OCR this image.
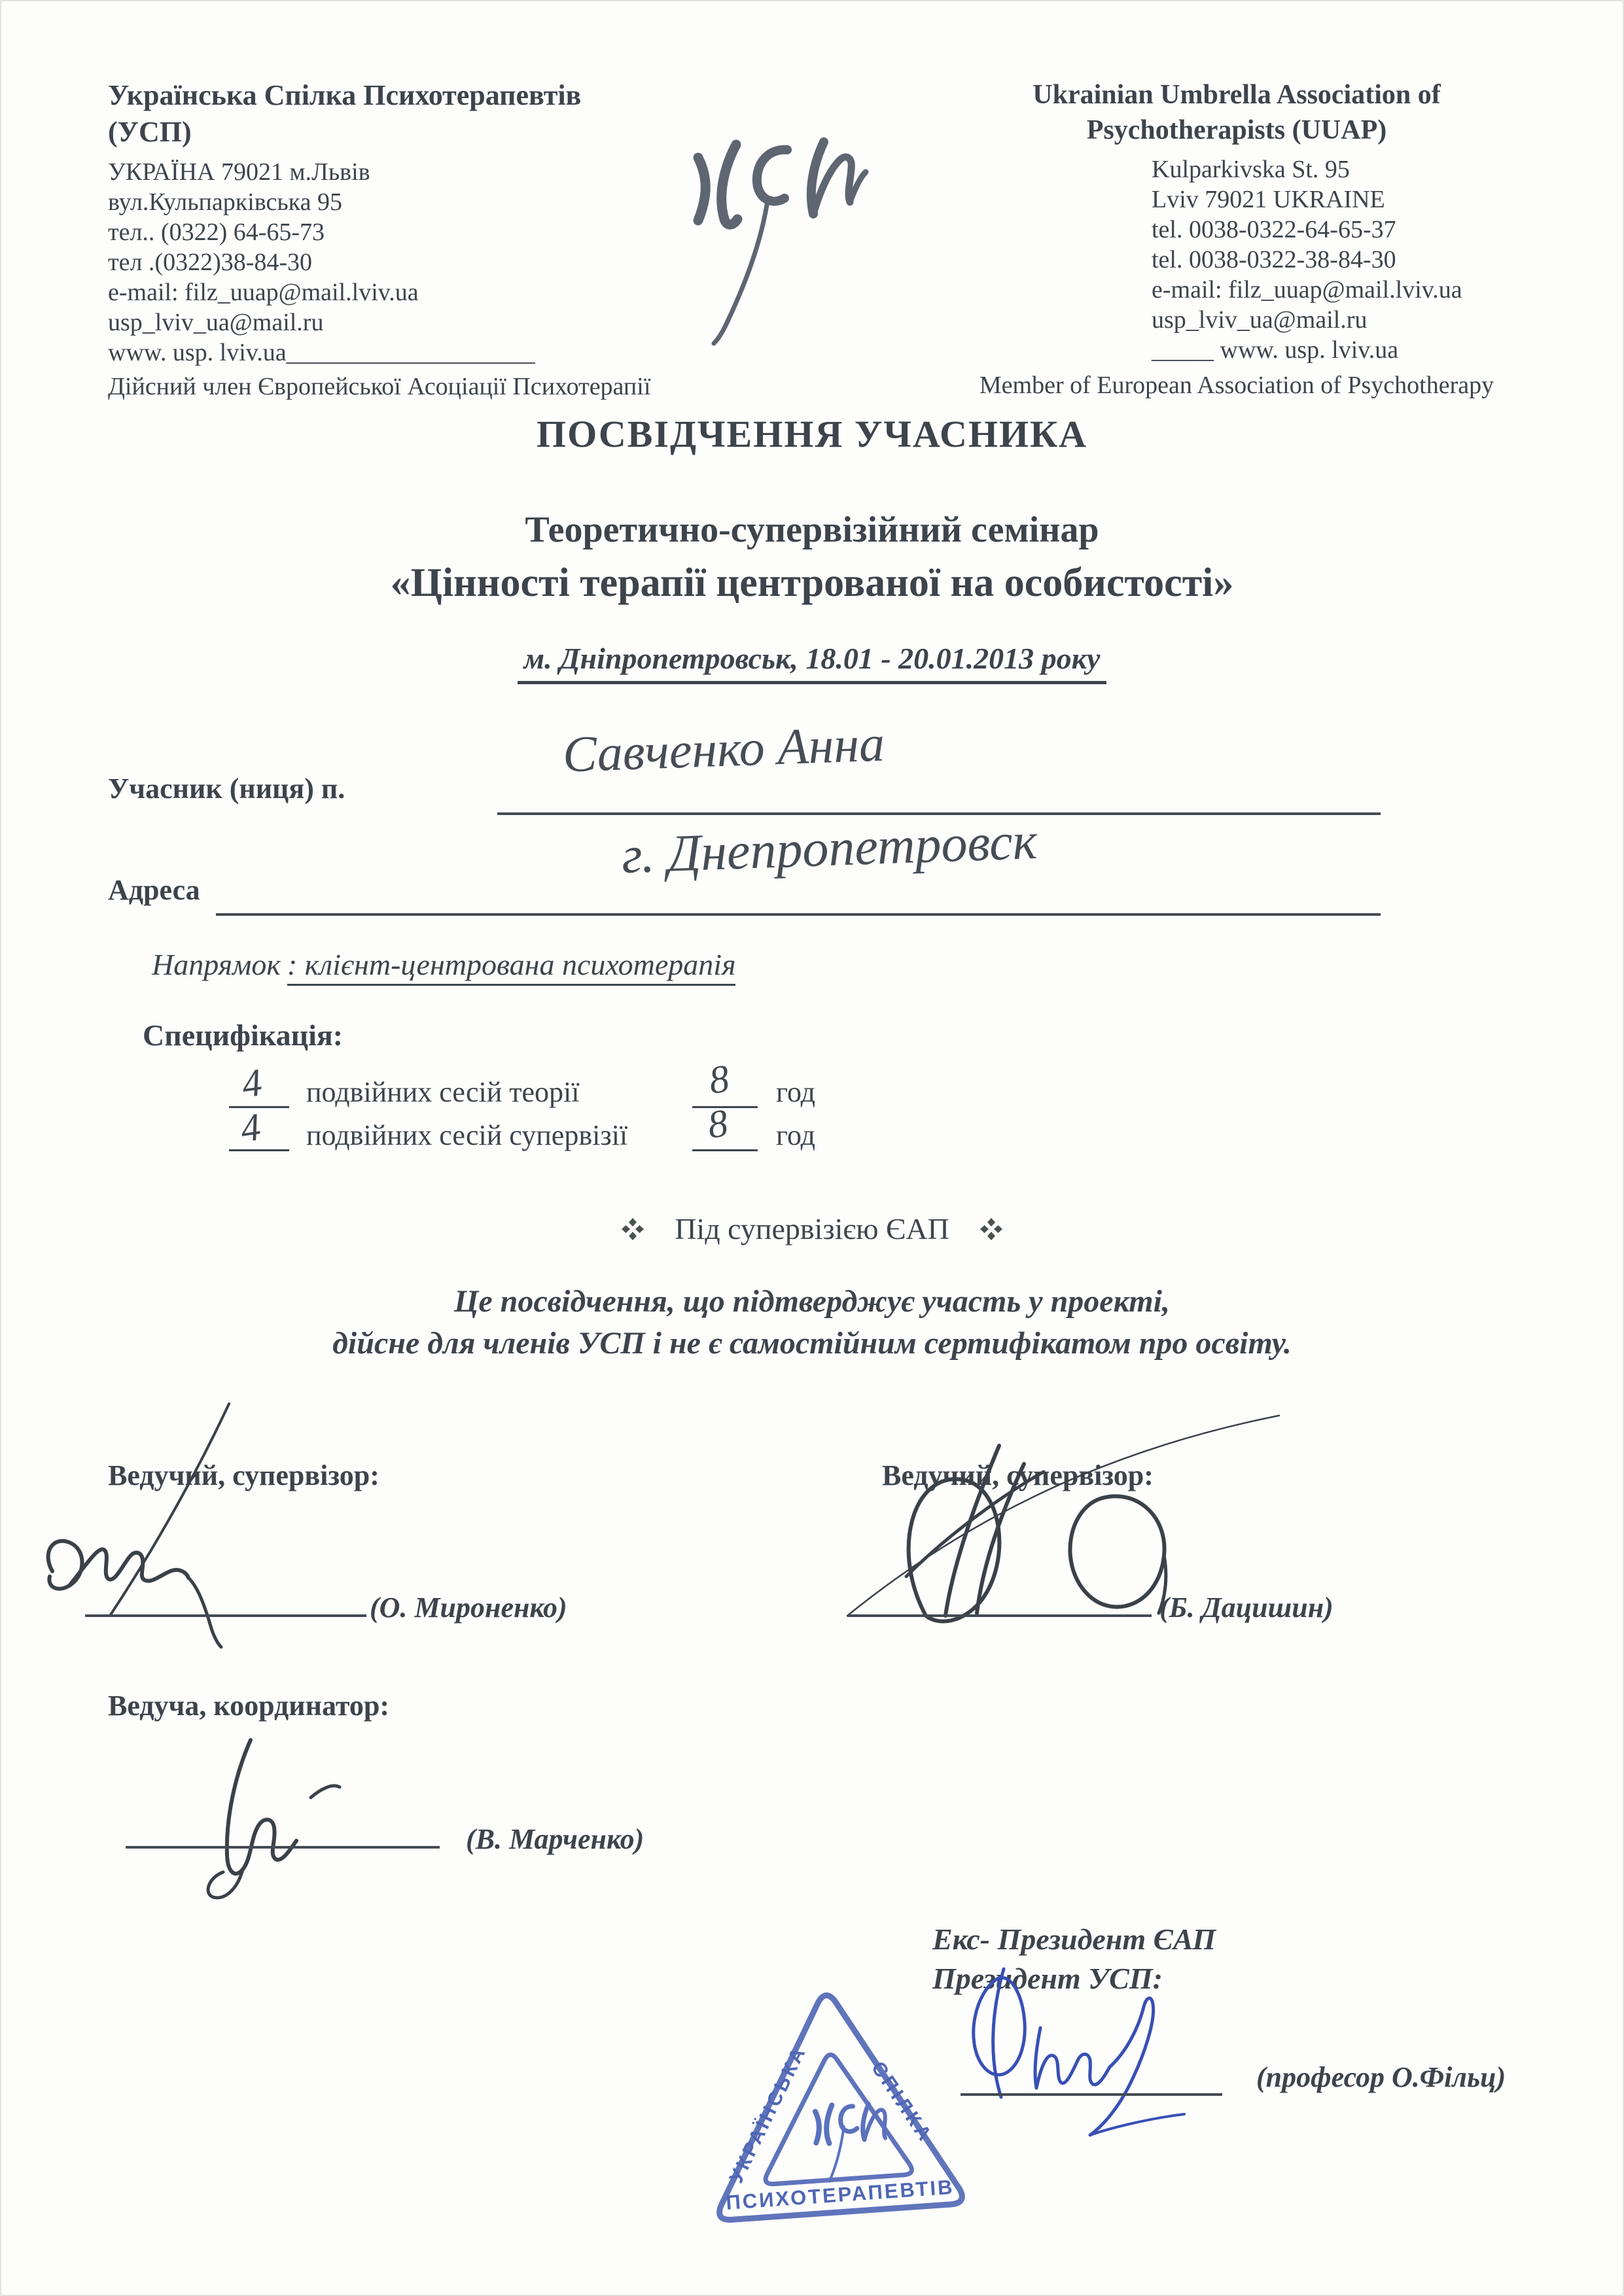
Українська Спілка Психотерапевтів
(УСП)
УКРАЇНА 79021 м.Львів
вул.Кульпарківська 95
тел.. (0322) 64-65-73
тел .(0322)38-84-30
e-mail: filz_uuap@mail.lviv.ua
usp_lviv_ua@mail.ru
www. usp. lviv.ua____________________
Дійсний член Європейської Асоціації Психотерапії
Ukrainian Umbrella Association of
Psychotherapists (UUAP)
Kulparkivska St. 95
Lviv 79021 UKRAINE
tel. 0038-0322-64-65-37
tel. 0038-0322-38-84-30
e-mail: filz_uuap@mail.lviv.ua
usp_lviv_ua@mail.ru
_____ www. usp. lviv.ua
Member of European Association of Psychotherapy
ПОСВІДЧЕННЯ УЧАСНИКА
Теоретично-супервізійний семінар
«Цінності терапії центрованої на особистості»
м. Дніпропетровськ, 18.01 - 20.01.2013 року
Учасник (ниця) п.
Савченко Анна
Адреса
г. Днепропетровск
Напрямок : клієнт-центрована психотерапія
Специфікація:
4 подвійних сесій теорії	8 год
4 подвійних сесій супервізії 8 год
Під супервізією ЄАП
Це посвідчення, що підтверджує участь у проекті,
дійсне для членів УСП і не є самостійним сертифікатом про освіту.
Ведучий, супервізор:
(О. Мироненко)
Ведучий, супервізор:
(Б. Дацишин)
Ведуча, координатор:
(В. Марченко)
Екс- Президент ЄАП
Президент УСП:
(професор О.Фільц)
УКРАЇНСЬКА	СПІЛКА
ПСИХОТЕРАПЕВТІВ
